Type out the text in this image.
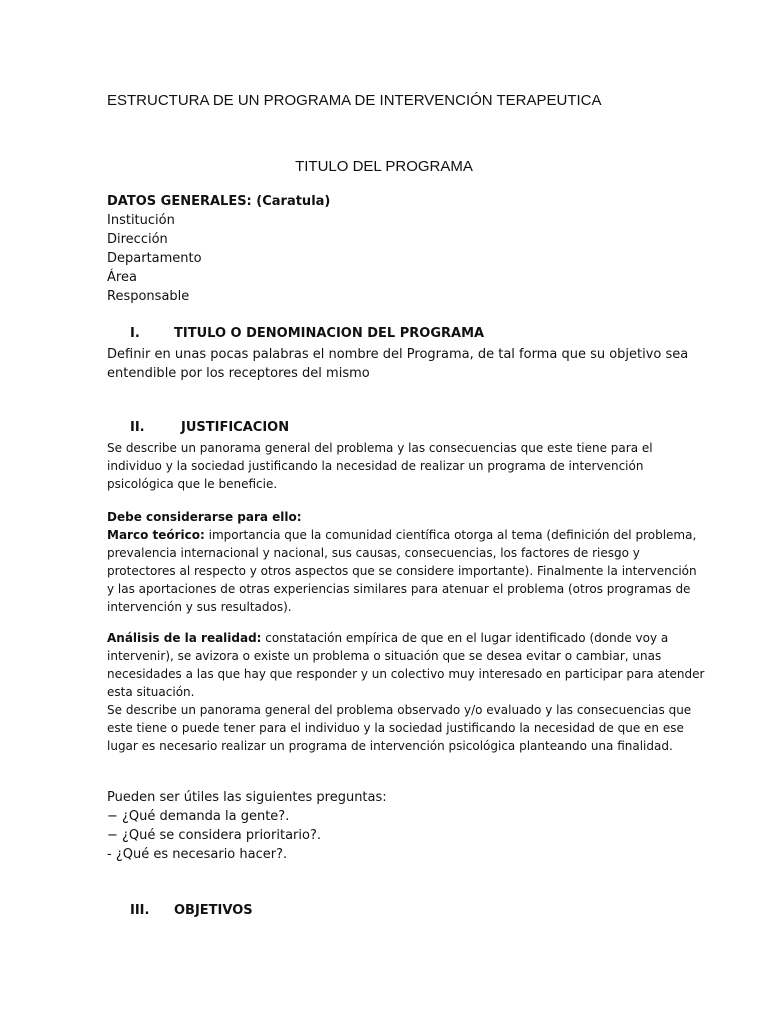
ESTRUCTURA DE UN PROGRAMA DE INTERVENCIÓN TERAPEUTICA
TITULO DEL PROGRAMA
DATOS GENERALES: (Caratula)
Institución
Dirección
Departamento
Área
Responsable
I.	TITULO O DENOMINACION DEL PROGRAMA
Definir en unas pocas palabras el nombre del Programa, de tal forma que su objetivo sea
entendible por los receptores del mismo
II.	JUSTIFICACION
Se describe un panorama general del problema y las consecuencias que este tiene para el
individuo y la sociedad justificando la necesidad de realizar un programa de intervención
psicológica que le beneficie.
Debe considerarse para ello:
Marco teórico: importancia que la comunidad científica otorga al tema (definición del problema,
prevalencia internacional y nacional, sus causas, consecuencias, los factores de riesgo y
protectores al respecto y otros aspectos que se considere importante). Finalmente la intervención
y las aportaciones de otras experiencias similares para atenuar el problema (otros programas de
intervención y sus resultados).
Análisis de la realidad: constatación empírica de que en el lugar identificado (donde voy a
intervenir), se avizora o existe un problema o situación que se desea evitar o cambiar, unas
necesidades a las que hay que responder y un colectivo muy interesado en participar para atender
esta situación.
Se describe un panorama general del problema observado y/o evaluado y las consecuencias que
este tiene o puede tener para el individuo y la sociedad justificando la necesidad de que en ese
lugar es necesario realizar un programa de intervención psicológica planteando una finalidad.
Pueden ser útiles las siguientes preguntas:
− ¿Qué demanda la gente?.
− ¿Qué se considera prioritario?.
- ¿Qué es necesario hacer?.
III. OBJETIVOS
